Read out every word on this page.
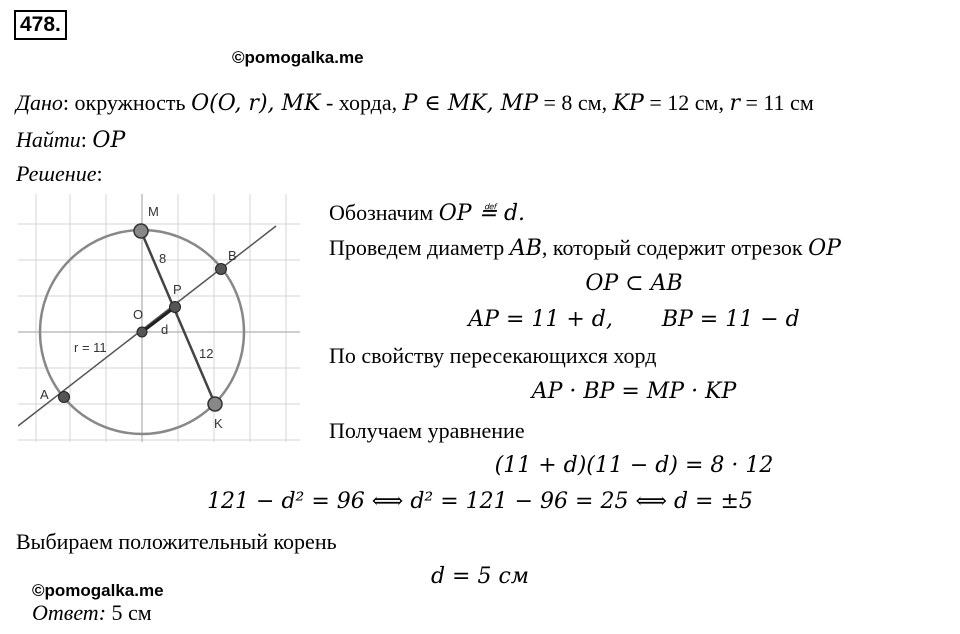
478.
©pomogalka.me
Дано: окружность O(O, r), MK - хорда, P ∈ MK, MP = 8 см, KP = 12 см, r = 11 см
Найти: OP
Решение:
M
B
P
O
A
K
8
d
12
r = 11
Обозначим OP ≝ d.
Проведем диаметр AB, который содержит отрезок OP
OP ⊂ AB
AP = 11 + d,       BP = 11 − d
По свойству пересекающихся хорд
AP · BP = MP · KP
Получаем уравнение
(11 + d)(11 − d) = 8 · 12
121 − d² = 96 ⟺ d² = 121 − 96 = 25 ⟺ d = ±5
Выбираем положительный корень
d = 5 см
©pomogalka.me
Ответ: 5 см
